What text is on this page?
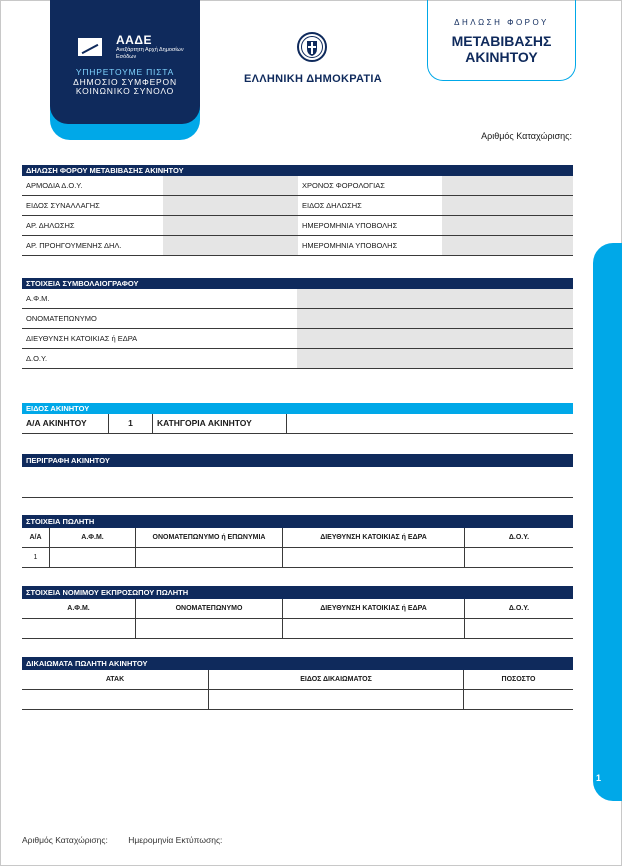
ΑΑΔΕ
Ανεξάρτητη Αρχή Δημοσίων Εσόδων
ΥΠΗΡΕΤΟΥΜΕ ΠΙΣΤΑ
ΔΗΜΟΣΙΟ ΣΥΜΦΕΡΟΝ
ΚΟΙΝΩΝΙΚΟ ΣΥΝΟΛΟ
ΕΛΛΗΝΙΚΗ ΔΗΜΟΚΡΑΤΙΑ
ΔΗΛΩΣΗ ΦΟΡΟΥ
ΜΕΤΑΒΙΒΑΣΗΣ
ΑΚΙΝΗΤΟΥ
Αριθμός Καταχώρισης:
ΔΗΛΩΣΗ ΦΟΡΟΥ ΜΕΤΑΒΙΒΑΣΗΣ ΑΚΙΝΗΤΟΥ
ΑΡΜΟΔΙΑ Δ.Ο.Υ.	ΧΡΟΝΟΣ ΦΟΡΟΛΟΓΙΑΣ
ΕΙΔΟΣ ΣΥΝΑΛΛΑΓΗΣ	ΕΙΔΟΣ ΔΗΛΩΣΗΣ
ΑΡ. ΔΗΛΩΣΗΣ	ΗΜΕΡΟΜΗΝΙΑ ΥΠΟΒΟΛΗΣ
ΑΡ. ΠΡΟΗΓΟΥΜΕΝΗΣ ΔΗΛ.	ΗΜΕΡΟΜΗΝΙΑ ΥΠΟΒΟΛΗΣ
ΣΤΟΙΧΕΙΑ ΣΥΜΒΟΛΑΙΟΓΡΑΦΟΥ
Α.Φ.Μ.
ΟΝΟΜΑΤΕΠΩΝΥΜΟ
ΔΙΕΥΘΥΝΣΗ ΚΑΤΟΙΚΙΑΣ ή ΕΔΡΑ
Δ.Ο.Υ.
ΕΙΔΟΣ ΑΚΙΝΗΤΟΥ
Α/Α ΑΚΙΝΗΤΟΥ	1	ΚΑΤΗΓΟΡΙΑ ΑΚΙΝΗΤΟΥ
ΠΕΡΙΓΡΑΦΗ ΑΚΙΝΗΤΟΥ
ΣΤΟΙΧΕΙΑ ΠΩΛΗΤΗ
Α/Α	Α.Φ.Μ.	ΟΝΟΜΑΤΕΠΩΝΥΜΟ ή ΕΠΩΝΥΜΙΑ	ΔΙΕΥΘΥΝΣΗ ΚΑΤΟΙΚΙΑΣ ή ΕΔΡΑ	Δ.Ο.Υ.
1
ΣΤΟΙΧΕΙΑ ΝΟΜΙΜΟΥ ΕΚΠΡΟΣΩΠΟΥ ΠΩΛΗΤΗ
Α.Φ.Μ.	ΟΝΟΜΑΤΕΠΩΝΥΜΟ	ΔΙΕΥΘΥΝΣΗ ΚΑΤΟΙΚΙΑΣ ή ΕΔΡΑ	Δ.Ο.Υ.
ΔΙΚΑΙΩΜΑΤΑ ΠΩΛΗΤΗ ΑΚΙΝΗΤΟΥ
ΑΤΑΚ	ΕΙΔΟΣ ΔΙΚΑΙΩΜΑΤΟΣ	ΠΟΣΟΣΤΟ
1
Αριθμός Καταχώρισης: Ημερομηνία Εκτύπωσης:
